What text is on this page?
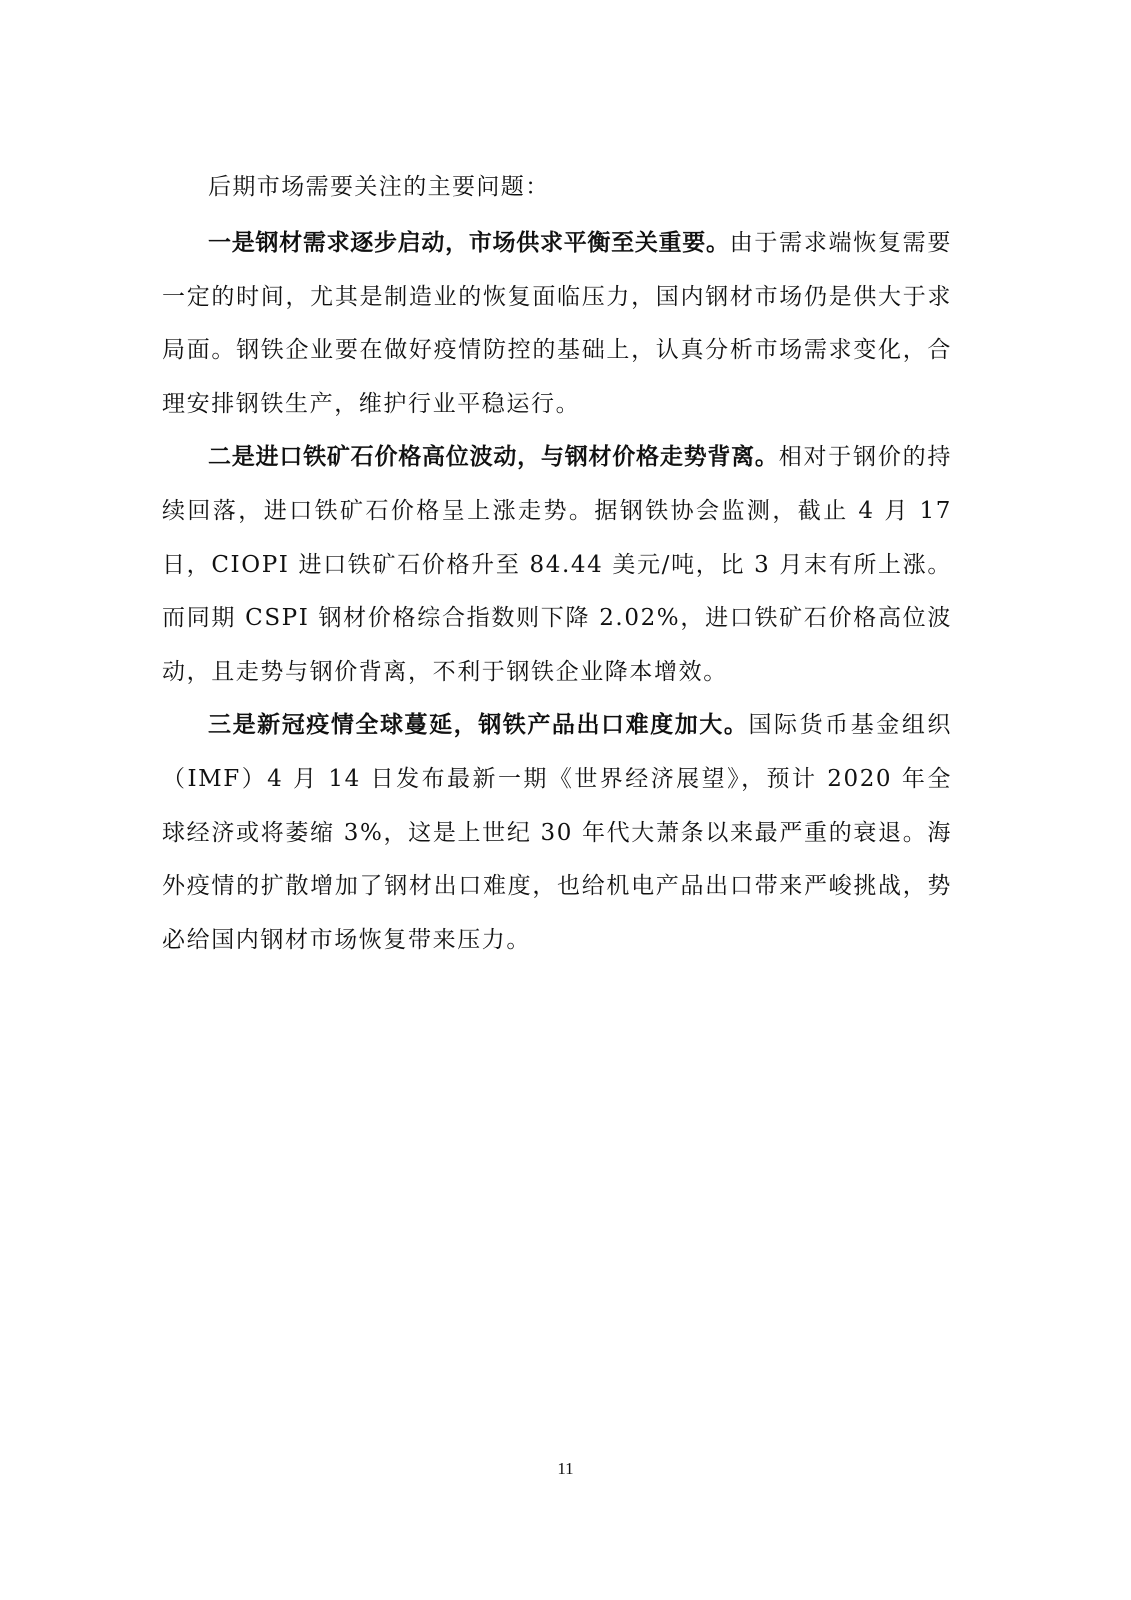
后期市场需要关注的主要问题：

一是钢材需求逐步启动，市场供求平衡至关重要。由于需求端恢复需要一定的时间，尤其是制造业的恢复面临压力，国内钢材市场仍是供大于求局面。钢铁企业要在做好疫情防控的基础上，认真分析市场需求变化，合理安排钢铁生产，维护行业平稳运行。

二是进口铁矿石价格高位波动，与钢材价格走势背离。相对于钢价的持续回落，进口铁矿石价格呈上涨走势。据钢铁协会监测，截止 4 月 17 日，CIOPI 进口铁矿石价格升至 84.44 美元/吨，比 3 月末有所上涨。而同期 CSPI 钢材价格综合指数则下降 2.02%，进口铁矿石价格高位波动，且走势与钢价背离，不利于钢铁企业降本增效。

三是新冠疫情全球蔓延，钢铁产品出口难度加大。国际货币基金组织（IMF）4 月 14 日发布最新一期《世界经济展望》，预计 2020 年全球经济或将萎缩 3%，这是上世纪 30 年代大萧条以来最严重的衰退。海外疫情的扩散增加了钢材出口难度，也给机电产品出口带来严峻挑战，势必给国内钢材市场恢复带来压力。

11
